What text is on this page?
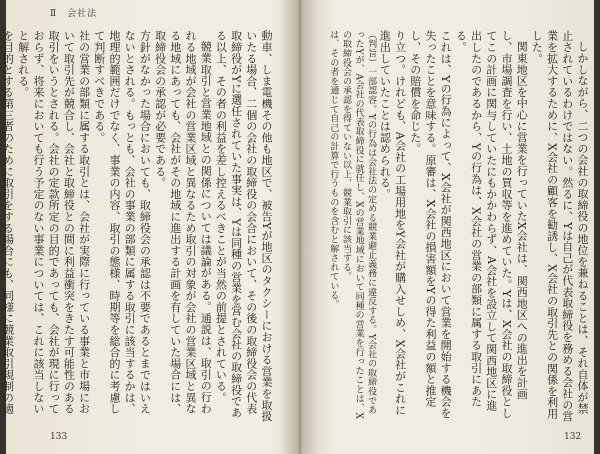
Ⅱ　会社法

動車、しま電機その他も地区で、被告Yが地区のタクシーにおける営業を取扱いたる場合、二個の会社の取締役の会合において、その後の取締役会の代表取締役がYに選任されていた事実は、Yは同種の営業を営む会社の取締役である以上、その者の利益を差し控えるべきことが当然の前提とされている。

競業取引と営業地域との関係については議論がある。通説は、取引の行われる地域が会社の営業区域と異なるため取引の対象が会社の営業区域と異なる地域にあっても、会社がその地域に進出する計画を有していた場合には、取締役会の承認が必要である。

方針がなかった場合においても、取締役会の承認は不要であるとまではいえないとされる。もっとも、会社の事業の部類に属する取引に該当するかは、地理的範囲だけでなく、事業の内容、取引の態様、時期等を総合的に考慮して判断すべきである。

社の営業の部類に属する取引とは、会社が実際に行っている事業と市場において取引先が競合し、会社と取締役との間に利益衝突をきたす可能性のある取引をいうとされる。会社の定款所定の目的であっても、会社が現に行っておらず、将来においても行う予定のない事業については、これに該当しないと解される。

を目的とする第三者のために取引をする場合にも、同様に競業取引規制の適

133

しかしながら、二つの会社の取締役の地位を兼ねることは、それ自体が禁止されているわけではない。然るに、Yは自己が代表取締役を務める会社の営業を拡大するために、X会社の顧客を勧誘し、X会社の取引先との関係を利用した。

関東地区を中心に営業を行っていたX会社は、関西地区への進出を計画し、市場調査を行い、土地の買収等を進めていた。Yは、X会社の取締役としてこの計画に関与していたにもかかわらず、A会社を設立して関西地区に進出したのであるから、Yの行為は、X会社の営業の部類に属する取引にあたる。

これは、Yの行為によって、X会社が関西地区において営業を開始する機会を失ったことを意味する。原審は、X会社の損害額をYの得た利益の額と推定し、その賠償を命じた。

り立つ。けれども、A会社の工場用地をY会社が購入せしめ、X会社がこれに進出していたことは認められる。

（判旨）一部認容。Yの行為は会社法の定める競業避止義務に違反する。Y会社の取締役であったYが、A会社の代表取締役に就任し、Xの営業地域において同種の営業を行ったことは、Xの取締役会の承認を得ていない以上、競業取引に該当する。

は、その者を通じて自己の計算で行うものを含むと解されている。

132
